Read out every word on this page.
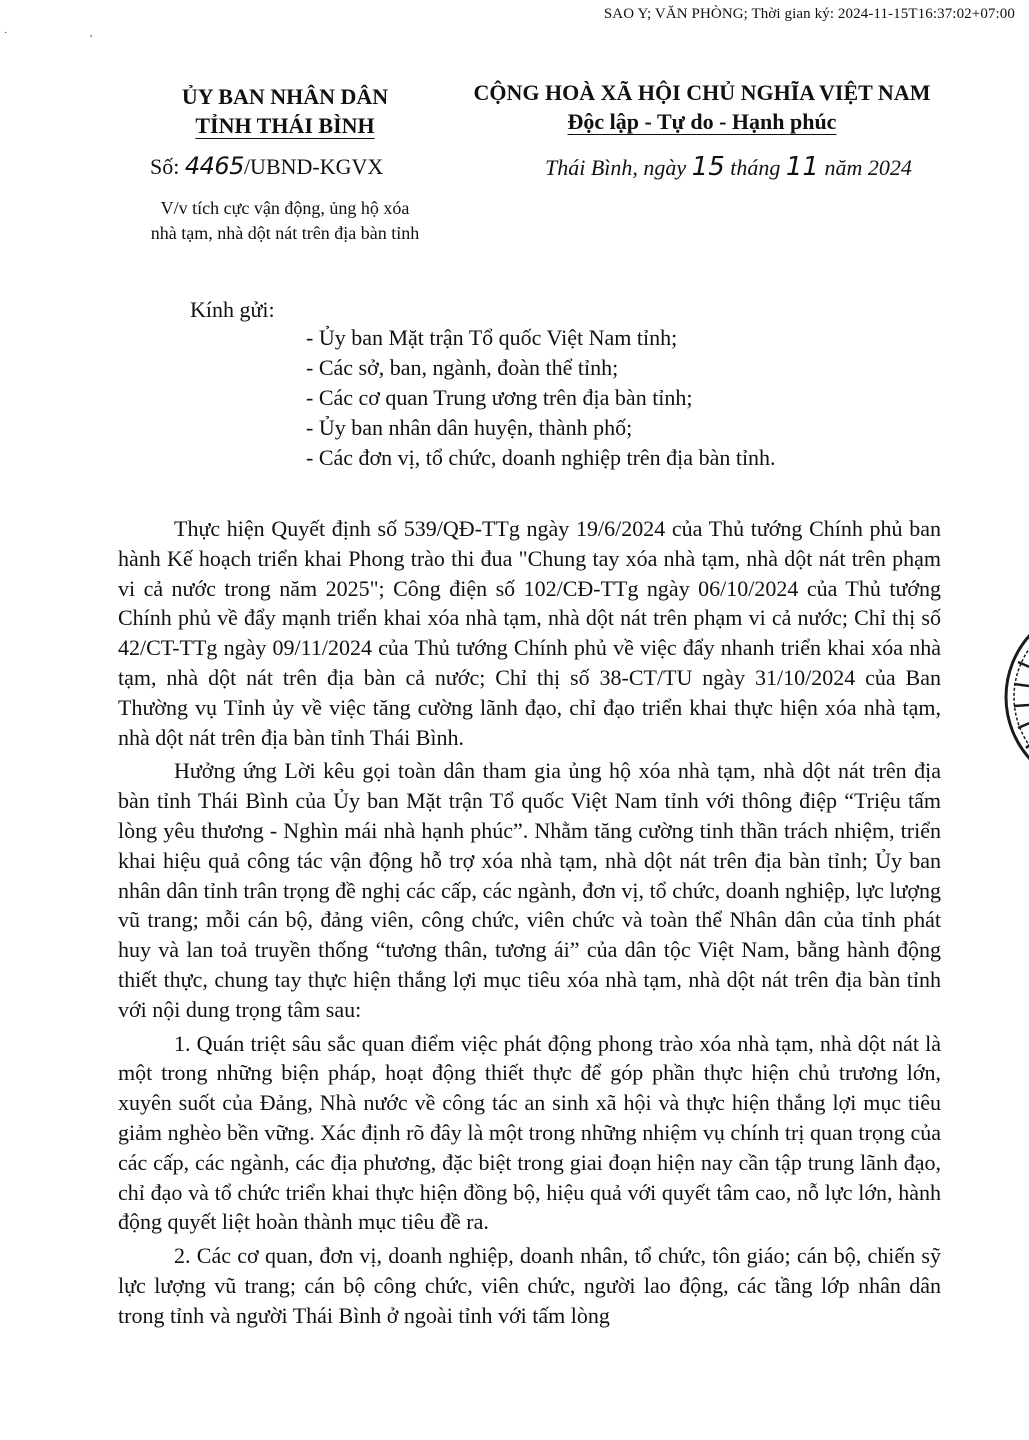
SAO Y; VĂN PHÒNG; Thời gian ký: 2024-11-15T16:37:02+07:00
·                                 ,
ỦY BAN NHÂN DÂN
TỈNH THÁI BÌNH
CỘNG HOÀ XÃ HỘI CHỦ NGHĨA VIỆT NAM
Độc lập - Tự do - Hạnh phúc
Số: 4465/UBND-KGVX	Thái Bình, ngày 15 tháng 11 năm 2024
V/v tích cực vận động, ủng hộ xóa
nhà tạm, nhà dột nát trên địa bàn tỉnh
Kính gửi:
- Ủy ban Mặt trận Tổ quốc Việt Nam tỉnh;
- Các sở, ban, ngành, đoàn thể tỉnh;
- Các cơ quan Trung ương trên địa bàn tỉnh;
- Ủy ban nhân dân huyện, thành phố;
- Các đơn vị, tổ chức, doanh nghiệp trên địa bàn tỉnh.

Thực hiện Quyết định số 539/QĐ-TTg ngày 19/6/2024 của Thủ tướng Chính phủ ban hành Kế hoạch triển khai Phong trào thi đua "Chung tay xóa nhà tạm, nhà dột nát trên phạm vi cả nước trong năm 2025"; Công điện số 102/CĐ-TTg ngày 06/10/2024 của Thủ tướng Chính phủ về đẩy mạnh triển khai xóa nhà tạm, nhà dột nát trên phạm vi cả nước; Chỉ thị số 42/CT-TTg ngày 09/11/2024 của Thủ tướng Chính phủ về việc đẩy nhanh triển khai xóa nhà tạm, nhà dột nát trên địa bàn cả nước; Chỉ thị số 38-CT/TU ngày 31/10/2024 của Ban Thường vụ Tỉnh ủy về việc tăng cường lãnh đạo, chỉ đạo triển khai thực hiện xóa nhà tạm, nhà dột nát trên địa bàn tỉnh Thái Bình.

Hưởng ứng Lời kêu gọi toàn dân tham gia ủng hộ xóa nhà tạm, nhà dột nát trên địa bàn tỉnh Thái Bình của Ủy ban Mặt trận Tổ quốc Việt Nam tỉnh với thông điệp “Triệu tấm lòng yêu thương - Nghìn mái nhà hạnh phúc”. Nhằm tăng cường tinh thần trách nhiệm, triển khai hiệu quả công tác vận động hỗ trợ xóa nhà tạm, nhà dột nát trên địa bàn tỉnh; Ủy ban nhân dân tỉnh trân trọng đề nghị các cấp, các ngành, đơn vị, tổ chức, doanh nghiệp, lực lượng vũ trang; mỗi cán bộ, đảng viên, công chức, viên chức và toàn thể Nhân dân của tỉnh phát huy và lan toả truyền thống “tương thân, tương ái” của dân tộc Việt Nam, bằng hành động thiết thực, chung tay thực hiện thắng lợi mục tiêu xóa nhà tạm, nhà dột nát trên địa bàn tỉnh với nội dung trọng tâm sau:

1. Quán triệt sâu sắc quan điểm việc phát động phong trào xóa nhà tạm, nhà dột nát là một trong những biện pháp, hoạt động thiết thực để góp phần thực hiện chủ trương lớn, xuyên suốt của Đảng, Nhà nước về công tác an sinh xã hội và thực hiện thắng lợi mục tiêu giảm nghèo bền vững. Xác định rõ đây là một trong những nhiệm vụ chính trị quan trọng của các cấp, các ngành, các địa phương, đặc biệt trong giai đoạn hiện nay cần tập trung lãnh đạo, chỉ đạo và tổ chức triển khai thực hiện đồng bộ, hiệu quả với quyết tâm cao, nỗ lực lớn, hành động quyết liệt hoàn thành mục tiêu đề ra.

2. Các cơ quan, đơn vị, doanh nghiệp, doanh nhân, tổ chức, tôn giáo; cán bộ, chiến sỹ lực lượng vũ trang; cán bộ công chức, viên chức, người lao động, các tầng lớp nhân dân trong tỉnh và người Thái Bình ở ngoài tỉnh với tấm lòng
